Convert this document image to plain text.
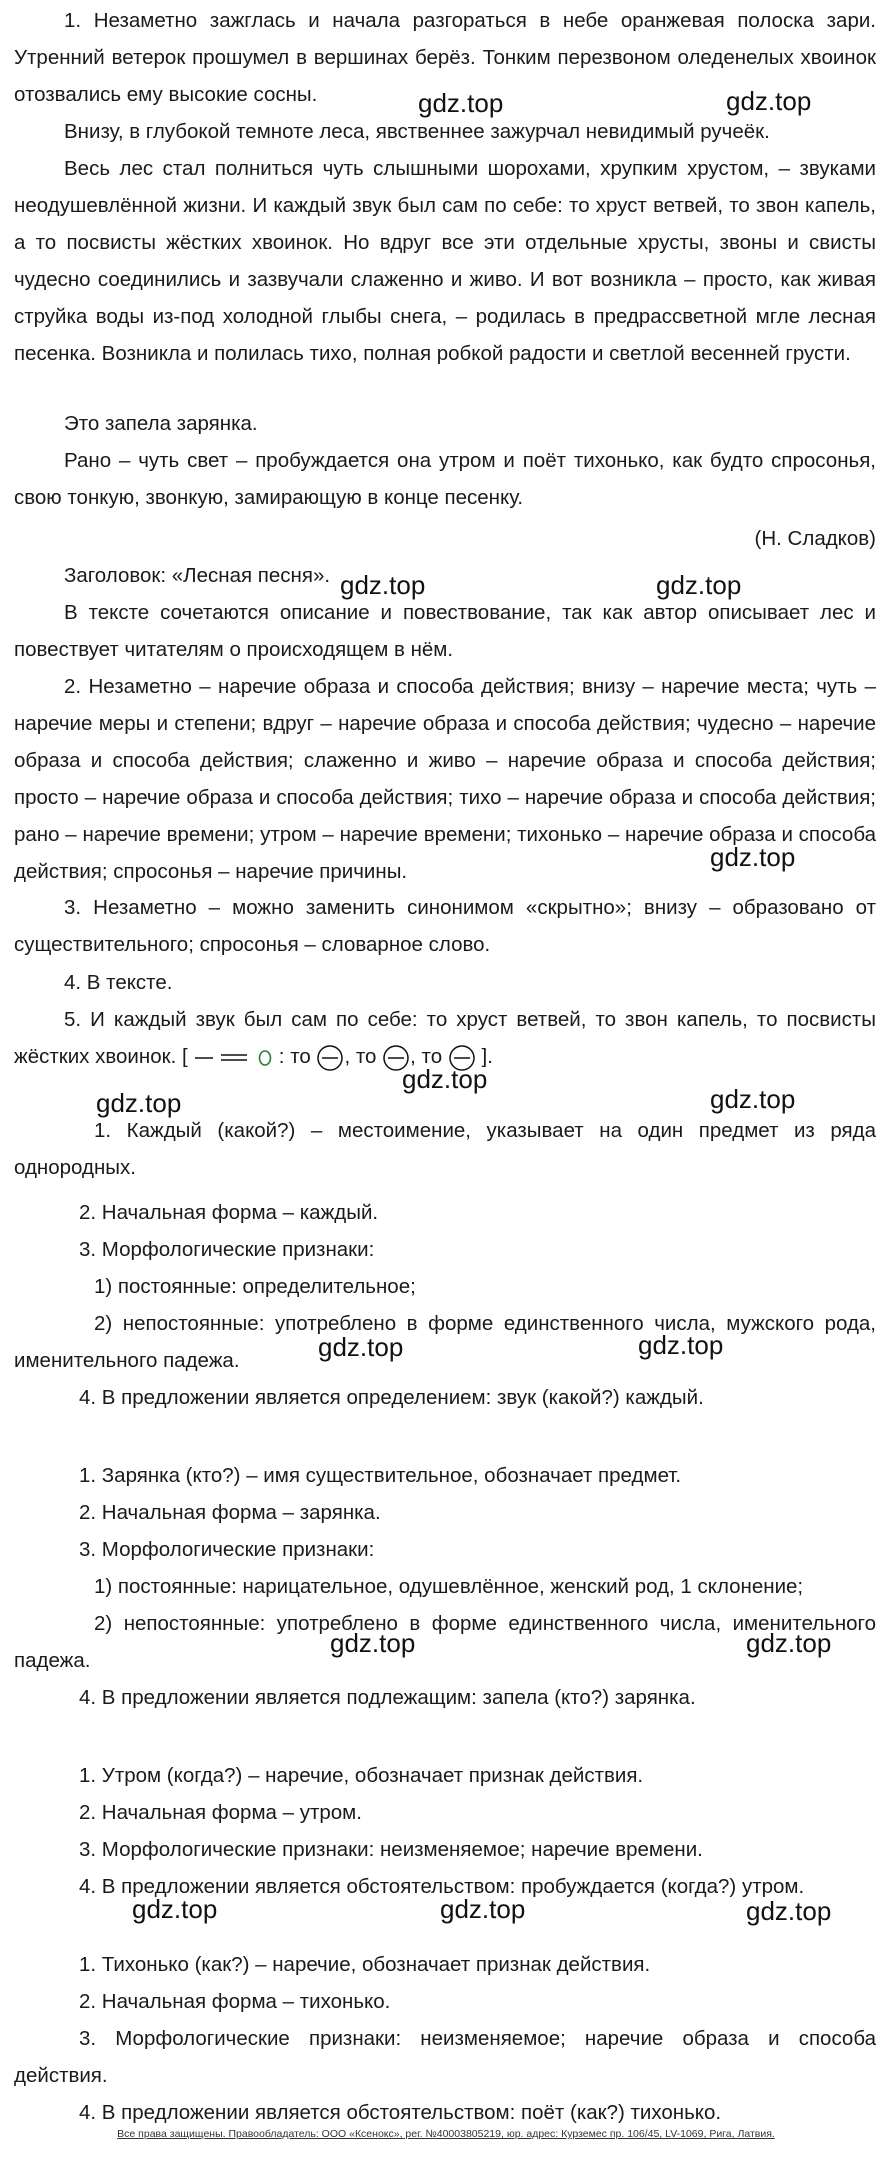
1. Незаметно зажглась и начала разгораться в небе оранжевая полоска зари. Утренний ветерок прошумел в вершинах берёз. Тонким перезвоном оледенелых хвоинок отозвались ему высокие сосны.

Внизу, в глубокой темноте леса, явственнее зажурчал невидимый ручеёк.

Весь лес стал полниться чуть слышными шорохами, хрупким хрустом, – звуками неодушевлённой жизни. И каждый звук был сам по себе: то хруст ветвей, то звон капель, а то посвисты жёстких хвоинок. Но вдруг все эти отдельные хрусты, звоны и свисты чудесно соединились и зазвучали слаженно и живо. И вот возникла – просто, как живая струйка воды из-под холодной глыбы снега, – родилась в предрассветной мгле лесная песенка. Возникла и полилась тихо, полная робкой радости и светлой весенней грусти.

Это запела зарянка.

Рано – чуть свет – пробуждается она утром и поёт тихонько, как будто спросонья, свою тонкую, звонкую, замирающую в конце песенку.

(Н. Сладков)

Заголовок: «Лесная песня».

В тексте сочетаются описание и повествование, так как автор описывает лес и повествует читателям о происходящем в нём.

2. Незаметно – наречие образа и способа действия; внизу – наречие места; чуть – наречие меры и степени; вдруг – наречие образа и способа действия; чудесно – наречие образа и способа действия; слаженно и живо – наречие образа и способа действия; просто – наречие образа и способа действия; тихо – наречие образа и способа действия; рано – наречие времени; утром – наречие времени; тихонько – наречие образа и способа действия; спросонья – наречие причины.

3. Незаметно – можно заменить синонимом «скрытно»; внизу – образовано от существительного; спросонья – словарное слово.

4. В тексте.

5. И каждый звук был сам по себе: то хруст ветвей, то звон капель, то посвисты жёстких хвоинок. [	: то , то , то ].

1. Каждый (какой?) – местоимение, указывает на один предмет из ряда однородных.

2. Начальная форма – каждый.

3. Морфологические признаки:

1) постоянные: определительное;

2) непостоянные: употреблено в форме единственного числа, мужского рода, именительного падежа.

4. В предложении является определением: звук (какой?) каждый.

1. Зарянка (кто?) – имя существительное, обозначает предмет.

2. Начальная форма – зарянка.

3. Морфологические признаки:

1) постоянные: нарицательное, одушевлённое, женский род, 1 склонение;

2) непостоянные: употреблено в форме единственного числа, именительного падежа.

4. В предложении является подлежащим: запела (кто?) зарянка.

1. Утром (когда?) – наречие, обозначает признак действия.

2. Начальная форма – утром.

3. Морфологические признаки: неизменяемое; наречие времени.

4. В предложении является обстоятельством: пробуждается (когда?) утром.

1. Тихонько (как?) – наречие, обозначает признак действия.

2. Начальная форма – тихонько.

3. Морфологические признаки: неизменяемое; наречие образа и способа действия.

4. В предложении является обстоятельством: поёт (как?) тихонько.

gdz.top	gdz.top
gdz.top	gdz.top
gdz.top
gdz.top
gdz.top	gdz.top
gdz.top	gdz.top
gdz.top	gdz.top
gdz.top	gdz.top	gdz.top
Все права защищены. Правообладатель: ООО «Ксенокс», рег. №40003805219, юр. адрес: Курземес пр. 106/45, LV-1069, Рига, Латвия.
